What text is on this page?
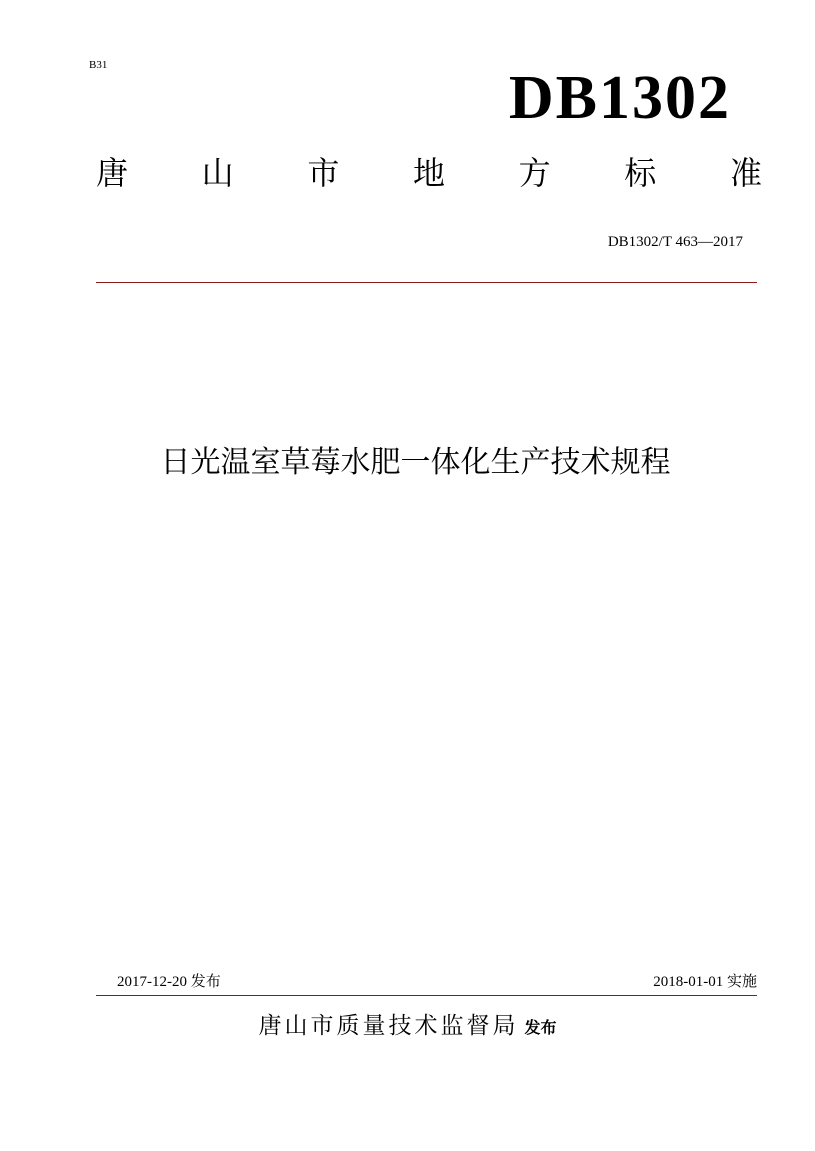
B31	DB1302
唐 山 市 地 方 标 准
DB1302/T 463—2017
日光温室草莓水肥一体化生产技术规程
2017-12-20 发布	2018-01-01 实施
唐山市质量技术监督局 发布
